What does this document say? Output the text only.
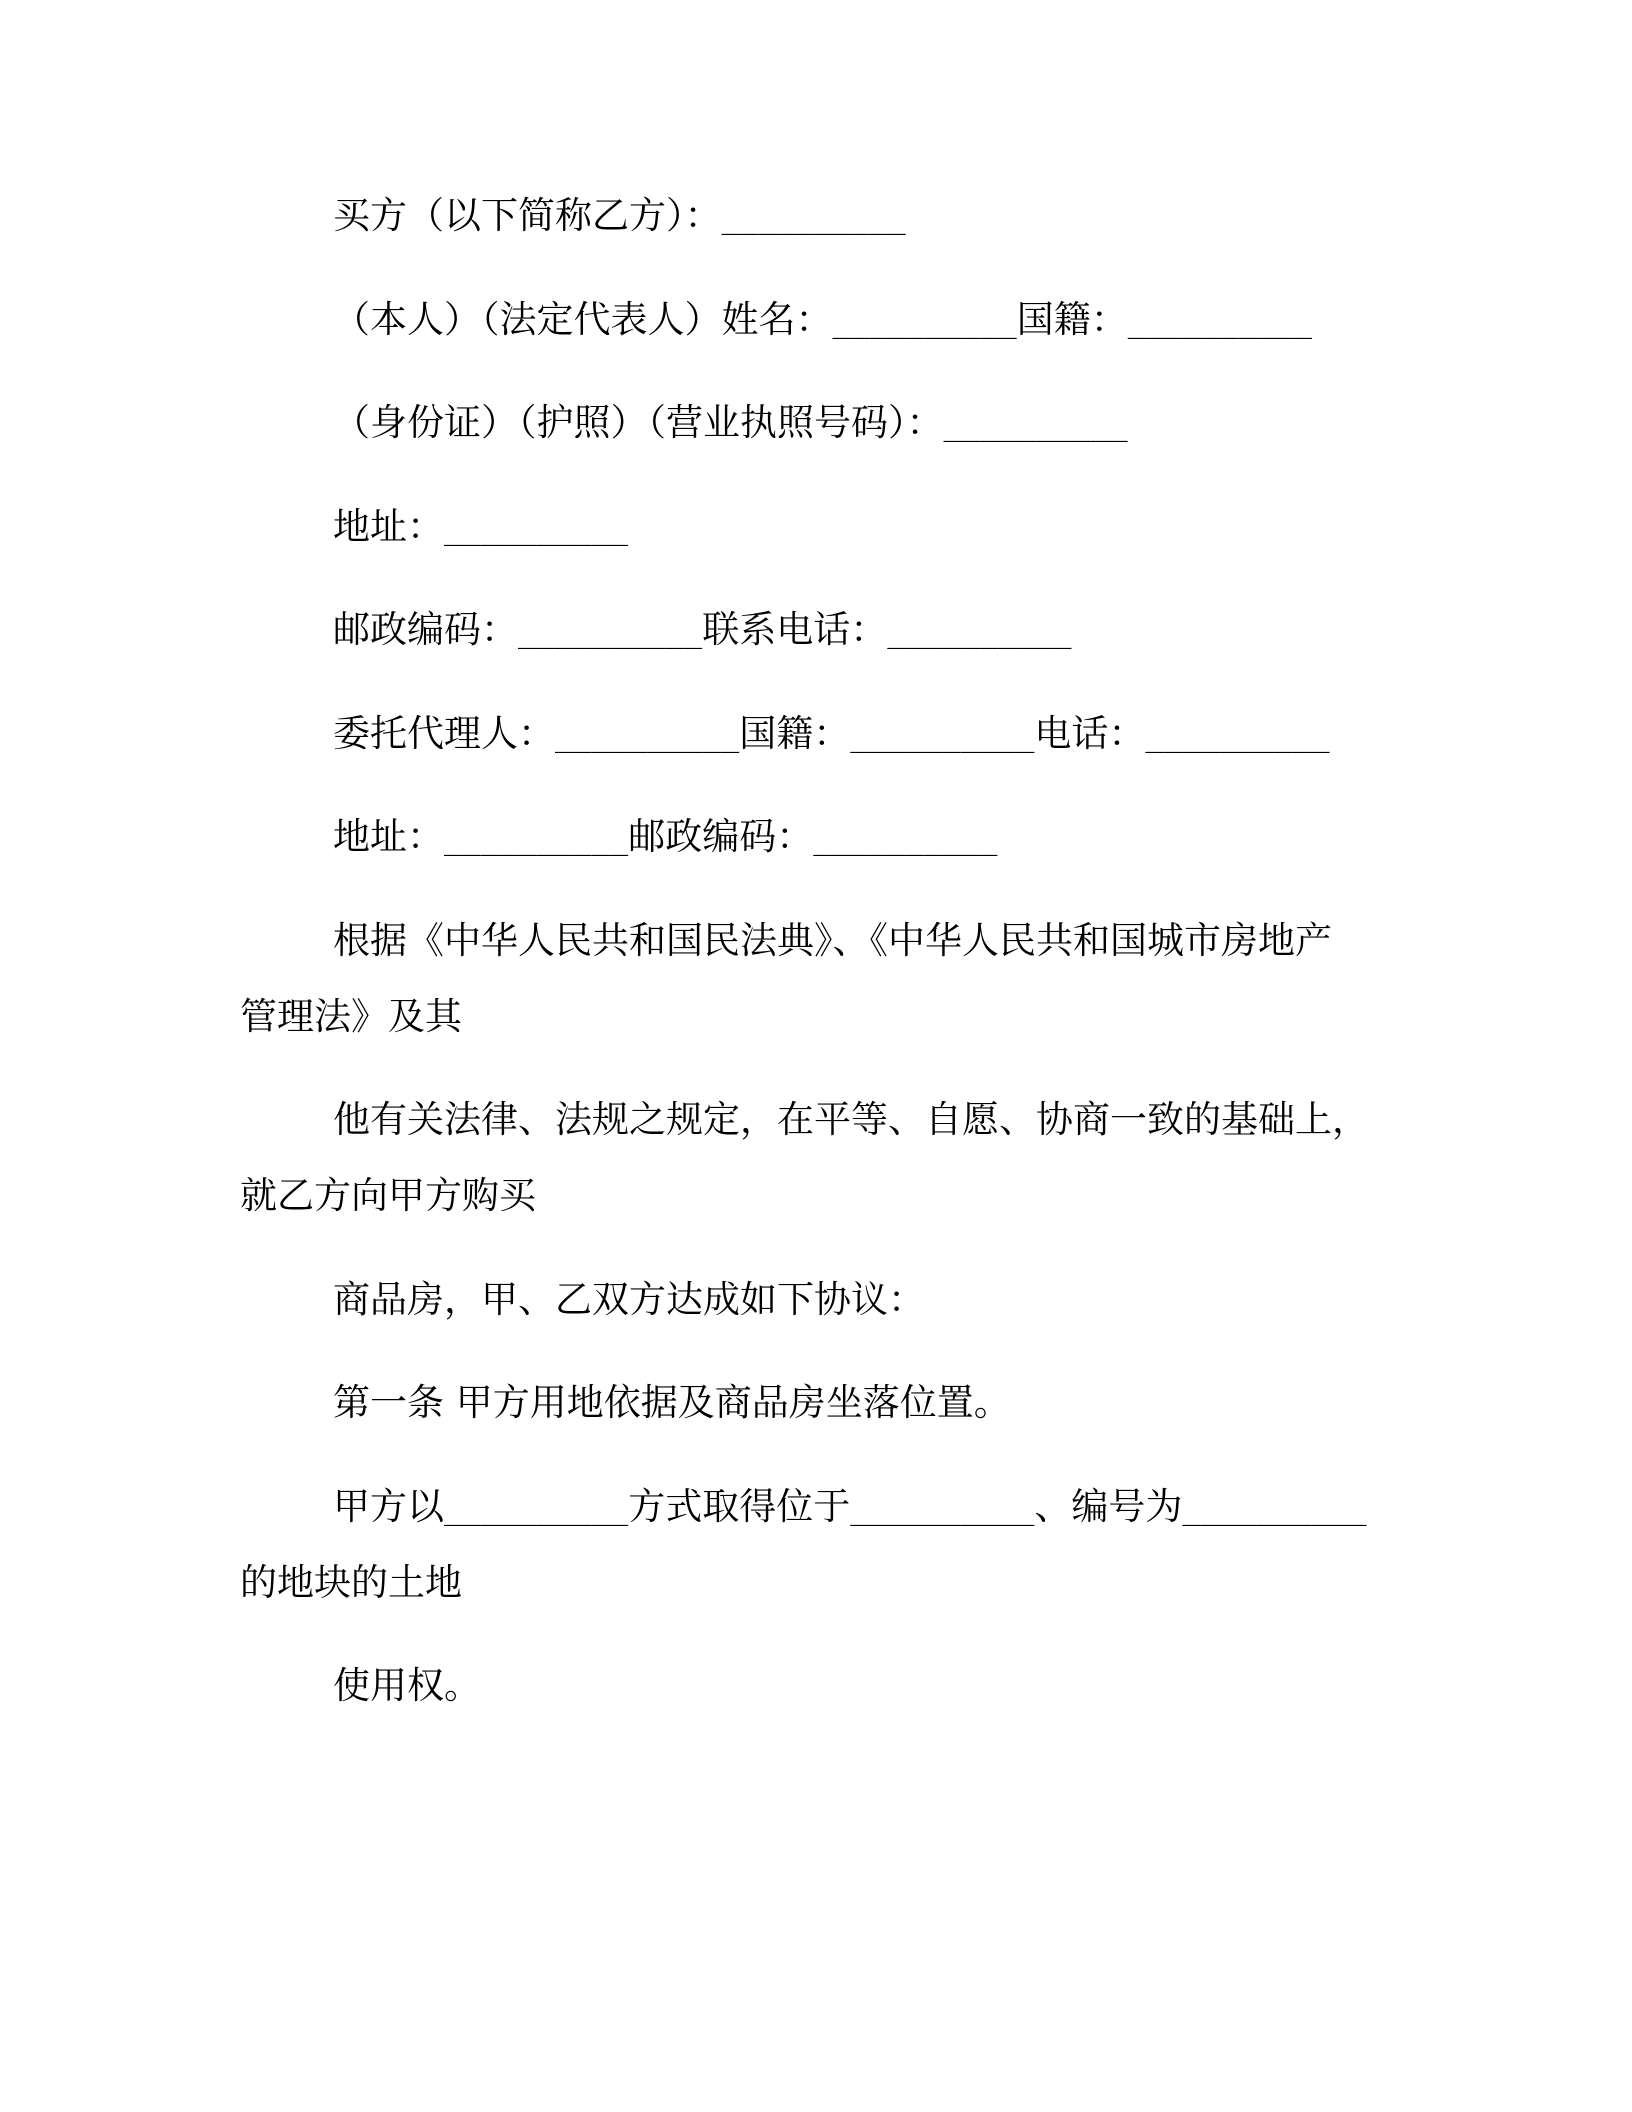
买方（以下简称乙方）：__________
（本人）（法定代表人）姓名：__________国籍：__________
（身份证）（护照）（营业执照号码）：__________
地址：__________
邮政编码：__________联系电话：__________
委托代理人：__________国籍：__________电话：__________
地址：__________邮政编码：__________
根据《中华人民共和国民法典》、《中华人民共和国城市房地产
管理法》及其
他有关法律、法规之规定，在平等、自愿、协商一致的基础上，
就乙方向甲方购买
商品房，甲、乙双方达成如下协议：
第一条 甲方用地依据及商品房坐落位置。
甲方以__________方式取得位于__________、编号为__________
的地块的土地
使用权。
